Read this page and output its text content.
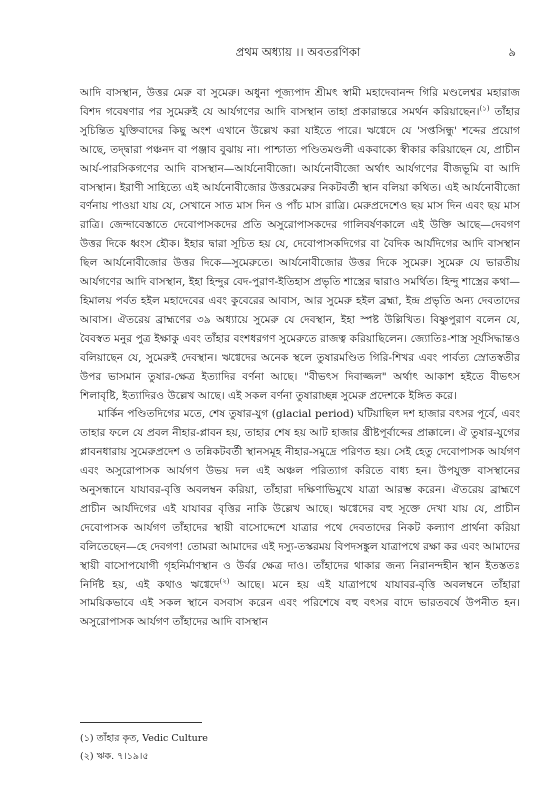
প্রথম অধ্যায় ।। অবতরণিকা	৯

আদি বাসস্থান, উত্তর মেরু বা সুমেরু। অধুনা পূজ্যপাদ শ্রীমৎ স্বামী মহাদেবানন্দ গিরি মণ্ডলেশ্বর মহারাজ বিশদ গবেষণার পর সুমেরুই যে আর্যগণের আদি বাসস্থান তাহা প্রকারান্তরে সমর্থন করিয়াছেন।$^{(১)}$ তাঁহার সুচিন্তিত যুক্তিবাদের কিছু অংশ এখানে উল্লেখ করা যাইতে পারে। ঋগ্বেদে যে 'সপ্তসিন্ধু' শব্দের প্রয়োগ আছে, তদ্দ্বারা পঞ্চনদ বা পঞ্জাব বুঝায় না। পাশ্চাত্য পণ্ডিতমণ্ডলী একবাক্যে স্বীকার করিয়াছেন যে, প্রাচীন আর্য-পারসিকগণের আদি বাসস্থান—আর্যনোবীজো। আর্যনোবীজো অর্থাৎ আর্যগণের বীজভূমি বা আদি বাসস্থান। ইরাণী সাহিত্যে এই আর্যনোবীজোর উত্তরমেরুর নিকটবর্তী স্থান বলিয়া কথিত। এই আর্যনোবীজো বর্ণনায় পাওয়া যায় যে, সেখানে সাত মাস দিন ও পাঁচ মাস রাত্রি। মেরুপ্রদেশেও ছয় মাস দিন এবং ছয় মাস রাত্রি। জেন্দাবেস্তাতে দেবোপাসকদের প্রতি অসুরোপাসকদের গালিবর্ষণকালে এই উক্তি আছে—দেবগণ উত্তর দিকে ধ্বংস হৌক। ইহার দ্বারা সূচিত হয় যে, দেবোপাসকদিগের বা বৈদিক আর্যদিগের আদি বাসস্থান ছিল আর্যনোবীজোর উত্তর দিকে—সুমেরুতে। আর্যনোবীজোর উত্তর দিকে সুমেরু। সুমেরু যে ভারতীয় আর্যগণের আদি বাসস্থান, ইহা হিন্দুর বেদ-পুরাণ-ইতিহাস প্রভৃতি শাস্ত্রের দ্বারাও সমর্থিত। হিন্দু শাস্ত্রের কথা—হিমালয় পর্বত হইল মহাদেবের এবং কুবেরের আবাস, আর সুমেরু হইল ব্রহ্মা, ইন্দ্র প্রভৃতি অন্য দেবতাদের আবাস। ঐতরেয় ব্রাহ্মণের ৩৯ অধ্যায়ে সুমেরু যে দেবস্থান, ইহা স্পষ্ট উল্লিখিত। বিষ্ণুপুরাণ বলেন যে, বৈবস্বত মনুর পুত্র ইক্ষাকু এবং তাঁহার বংশধরগণ সুমেরুতে রাজত্ব করিয়াছিলেন। জ্যোতিঃ-শাস্ত্র সূর্যসিদ্ধান্তও বলিয়াছেন যে, সুমেরুই দেবস্থান। ঋগ্বেদের অনেক স্থলে তুষারমণ্ডিত গিরি-শিখর এবং পার্বত্য স্রোতস্বতীর উপর ভাসমান তুষার-ক্ষেত্র ইত্যাদির বর্ণনা আছে। "বীভৎস দিবাজ্জল" অর্থাৎ আকাশ হইতে বীভৎস শিলাবৃষ্টি, ইত্যাদিরও উল্লেখ আছে। এই সকল বর্ণনা তুষারাচ্ছন্ন সুমেরু প্রদেশকে ইঙ্গিত করে।

মার্কিন পণ্ডিতদিগের মতে, শেষ তুষার-যুগ (glacial period) ঘটিয়াছিল দশ হাজার বৎসর পূর্বে, এবং তাহার ফলে যে প্রবল নীহার-প্লাবন হয়, তাহার শেষ হয় আট হাজার খ্রীষ্টপূর্বাব্দের প্রাক্কালে। ঐ তুষার-যুগের প্লাবনধারায় সুমেরুপ্রদেশ ও তন্নিকটবর্তী স্থানসমূহ নীহার-সমুদ্রে পরিণত হয়। সেই হেতু দেবোপাসক আর্যগণ এবং অসুরোপাসক আর্যগণ উভয় দল এই অঞ্চল পরিত্যাগ করিতে বাধ্য হন। উপযুক্ত বাসস্থানের অনুসন্ধানে যাযাবর-বৃত্তি অবলম্বন করিয়া, তাঁহারা দক্ষিণাভিমুখে যাত্রা আরম্ভ করেন। ঐতরেয় ব্রাহ্মণে প্রাচীন আর্যদিগের এই যাযাবর বৃত্তির নাকি উল্লেখ আছে। ঋগ্বেদের বহু সূক্তে দেখা যায় যে, প্রাচীন দেবোপাসক আর্যগণ তাঁহাদের স্থায়ী বাসোদ্দেশে যাত্রার পথে দেবতাদের নিকট কল্যাণ প্রার্থনা করিয়া বলিতেছেন—হে দেবগণ! তোমরা আমাদের এই দস্যু-তস্করময় বিপদসঙ্কুল যাত্রাপথে রক্ষা কর এবং আমাদের স্থায়ী বাসোপযোগী গৃহনির্মাণস্থান ও উর্বর ক্ষেত্র দাও। তাঁহাদের থাকার জন্য নিরানন্দহীন স্থান ইতস্ততঃ নির্দিষ্ট হয়, এই কথাও ঋগ্বেদে$^{(২)}$ আছে। মনে হয় এই যাত্রাপথে যাযাবর-বৃত্তি অবলম্বনে তাঁহারা সাময়িকভাবে এই সকল স্থানে বসবাস করেন এবং পরিশেষে বহু বৎসর বাদে ভারতবর্ষে উপনীত হন। অসুরোপাসক আর্যগণ তাঁহাদের আদি বাসস্থান

(১) তাঁহার কৃত, Vedic Culture
(২) ঋক. ৭।১৯।৫
